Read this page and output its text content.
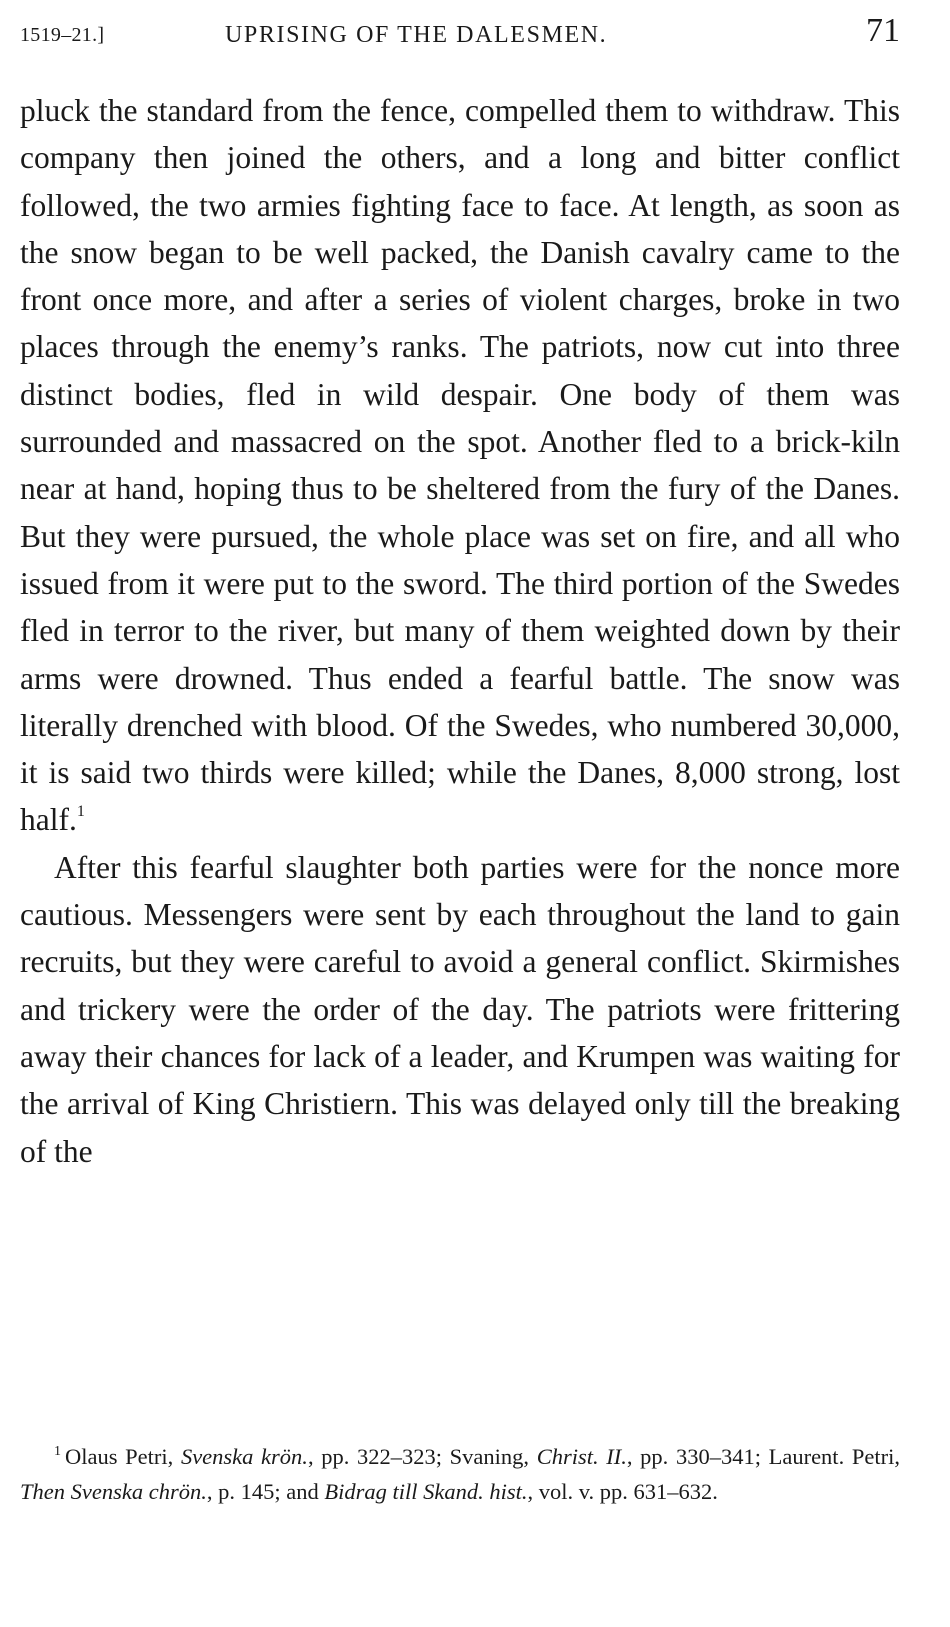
1519–21.]	UPRISING OF THE DALESMEN.	71

pluck the standard from the fence, compelled them to withdraw. This company then joined the others, and a long and bitter conflict followed, the two armies fighting face to face. At length, as soon as the snow began to be well packed, the Danish cavalry came to the front once more, and after a series of violent charges, broke in two places through the enemy’s ranks. The patriots, now cut into three distinct bodies, fled in wild despair. One body of them was surrounded and massacred on the spot. Another fled to a brick-kiln near at hand, hoping thus to be sheltered from the fury of the Danes. But they were pursued, the whole place was set on fire, and all who issued from it were put to the sword. The third portion of the Swedes fled in terror to the river, but many of them weighted down by their arms were drowned. Thus ended a fearful battle. The snow was literally drenched with blood. Of the Swedes, who numbered 30,000, it is said two thirds were killed; while the Danes, 8,000 strong, lost half.$^1$

After this fearful slaughter both parties were for the nonce more cautious. Messengers were sent by each throughout the land to gain recruits, but they were careful to avoid a general conflict. Skirmishes and trickery were the order of the day. The patriots were frittering away their chances for lack of a leader, and Krumpen was waiting for the arrival of King Christiern. This was delayed only till the breaking of the

$^1$ Olaus Petri, Svenska krön., pp. 322–323; Svaning, Christ. II., pp. 330–341; Laurent. Petri, Then Svenska chrön., p. 145; and Bidrag till Skand. hist., vol. v. pp. 631–632.
